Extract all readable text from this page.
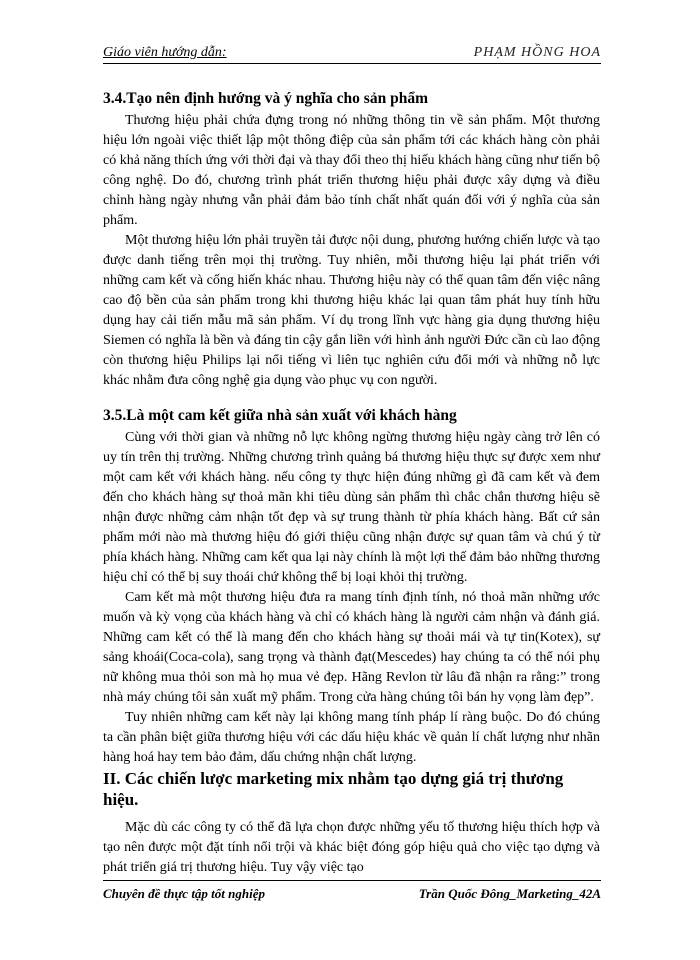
Giáo viên hướng dẫn:	PHẠM HỒNG HOA
3.4.Tạo nên định hướng và ý nghĩa cho sản phẩm

Thương hiệu phải chứa đựng trong nó những thông tin về sản phẩm. Một thương hiệu lớn ngoài việc thiết lập một thông điệp của sản phẩm tới các khách hàng còn phải có khả năng thích ứng với thời đại và thay đổi theo thị hiếu khách hàng cũng như tiến bộ công nghệ. Do đó, chương trình phát triển thương hiệu phải được xây dựng và điều chỉnh hàng ngày nhưng vẫn phải đảm bảo tính chất nhất quán đối với ý nghĩa của sản phẩm.

Một thương hiệu lớn phải truyền tải được nội dung, phương hướng chiến lược và tạo được danh tiếng trên mọi thị trường. Tuy nhiên, mỗi thương hiệu lại phát triển với những cam kết và cống hiến khác nhau. Thương hiệu này có thể quan tâm đến việc nâng cao độ bền của sản phẩm trong khi thương hiệu khác lại quan tâm phát huy tính hữu dụng hay cải tiến mẫu mã sản phẩm. Ví dụ trong lĩnh vực hàng gia dụng thương hiệu Siemen có nghĩa là bền và đáng tin cậy gắn liền với hình ảnh người Đức cần cù lao động còn thương hiệu Philips lại nổi tiếng vì liên tục nghiên cứu đổi mới và những nỗ lực khác nhằm đưa công nghệ gia dụng vào phục vụ con người.

3.5.Là một cam kết giữa nhà sản xuất với khách hàng

Cùng với thời gian và những nỗ lực không ngừng thương hiệu ngày càng trở lên có uy tín trên thị trường. Những chương trình quảng bá thương hiệu thực sự được xem như một cam kết với khách hàng. nếu công ty thực hiện đúng những gì đã cam kết và đem đến cho khách hàng sự thoả mãn khi tiêu dùng sản phẩm thì chắc chắn thương hiệu sẽ nhận được những cảm nhận tốt đẹp và sự trung thành từ phía khách hàng. Bất cứ sản phẩm mới nào mà thương hiệu đó giới thiệu cũng nhận được sự quan tâm và chú ý từ phía khách hàng. Những cam kết qua lại này chính là một lợi thế đảm bảo những thương hiệu chỉ có thể bị suy thoái chứ không thể bị loại khỏi thị trường.

Cam kết mà một thương hiệu đưa ra mang tính định tính, nó thoả mãn những ước muốn và kỳ vọng của khách hàng và chỉ có khách hàng là người cảm nhận và đánh giá. Những cam kết có thể là mang đến cho khách hàng sự thoải mái và tự tin(Kotex), sự sảng khoái(Coca-cola), sang trọng và thành đạt(Mescedes) hay chúng ta có thể nói phụ nữ không mua thỏi son mà họ mua vẻ đẹp. Hãng Revlon từ lâu đã nhận ra rằng:” trong nhà máy chúng tôi sản xuất mỹ phẩm. Trong cửa hàng chúng tôi bán hy vọng làm đẹp”.

Tuy nhiên những cam kết này lại không mang tính pháp lí ràng buộc. Do đó chúng ta cần phân biệt giữa thương hiệu với các dấu hiệu khác về quản lí chất lượng như nhãn hàng hoá hay tem bảo đảm, dấu chứng nhận chất lượng.

II. Các chiến lược marketing mix nhằm tạo dựng giá trị thương hiệu.

Mặc dù các công ty có thể đã lựa chọn được những yếu tố thương hiệu thích hợp và tạo nên được một đặt tính nổi trội và khác biệt đóng góp hiệu quả cho việc tạo dựng và phát triển giá trị thương hiệu. Tuy vậy việc tạo

Chuyên đề thực tập tốt nghiệp	Trần Quốc Đông_Marketing_42A
